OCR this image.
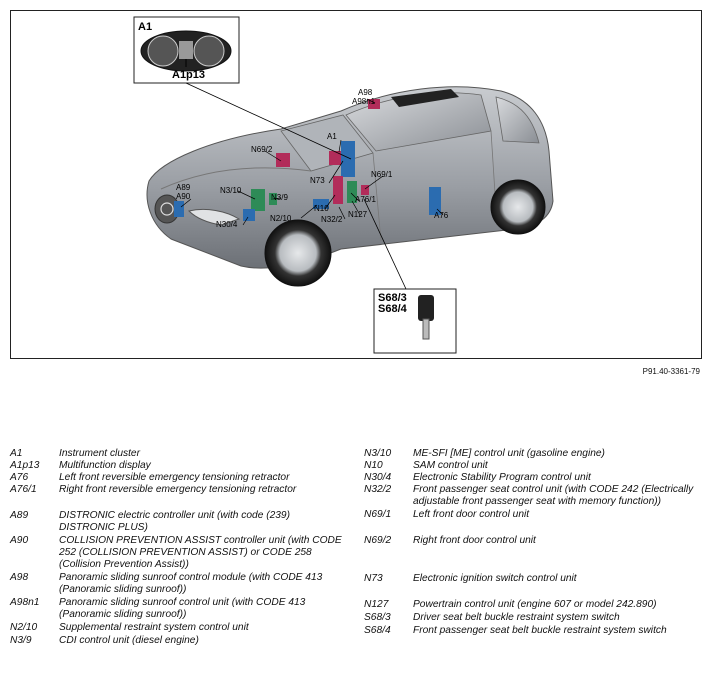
A1
A1p13
A98
A98n1
A1
N69/2
N73
N69/1
A89
A90
N3/10
N3/9	A76/1
N10
N127
N32/2
N2/10
N30/4
A76
S68/3
S68/4
P91.40-3361-79
A1	Instrument cluster
A1p13	Multifunction display
A76	Left front reversible emergency tensioning retractor
A76/1	Right front reversible emergency tensioning retractor
A89	DISTRONIC electric controller unit (with code (239) DISTRONIC PLUS)
A90	COLLISION PREVENTION ASSIST controller unit (with CODE 252 (COLLISION PREVENTION ASSIST) or CODE 258 (Collision Prevention Assist))
A98	Panoramic sliding sunroof control module (with CODE 413 (Panoramic sliding sunroof))
A98n1	Panoramic sliding sunroof control unit (with CODE 413 (Panoramic sliding sunroof))
N2/10	Supplemental restraint system control unit
N3/9	CDI control unit (diesel engine)
N3/10	ME-SFI [ME] control unit (gasoline engine)
N10	SAM control unit
N30/4	Electronic Stability Program control unit
N32/2	Front passenger seat control unit (with CODE 242 (Electrically adjustable front passenger seat with memory function))
N69/1	Left front door control unit
N69/2	Right front door control unit
N73	Electronic ignition switch control unit
N127	Powertrain control unit (engine 607 or model 242.890)
S68/3	Driver seat belt buckle restraint system switch
S68/4	Front passenger seat belt buckle restraint system switch
